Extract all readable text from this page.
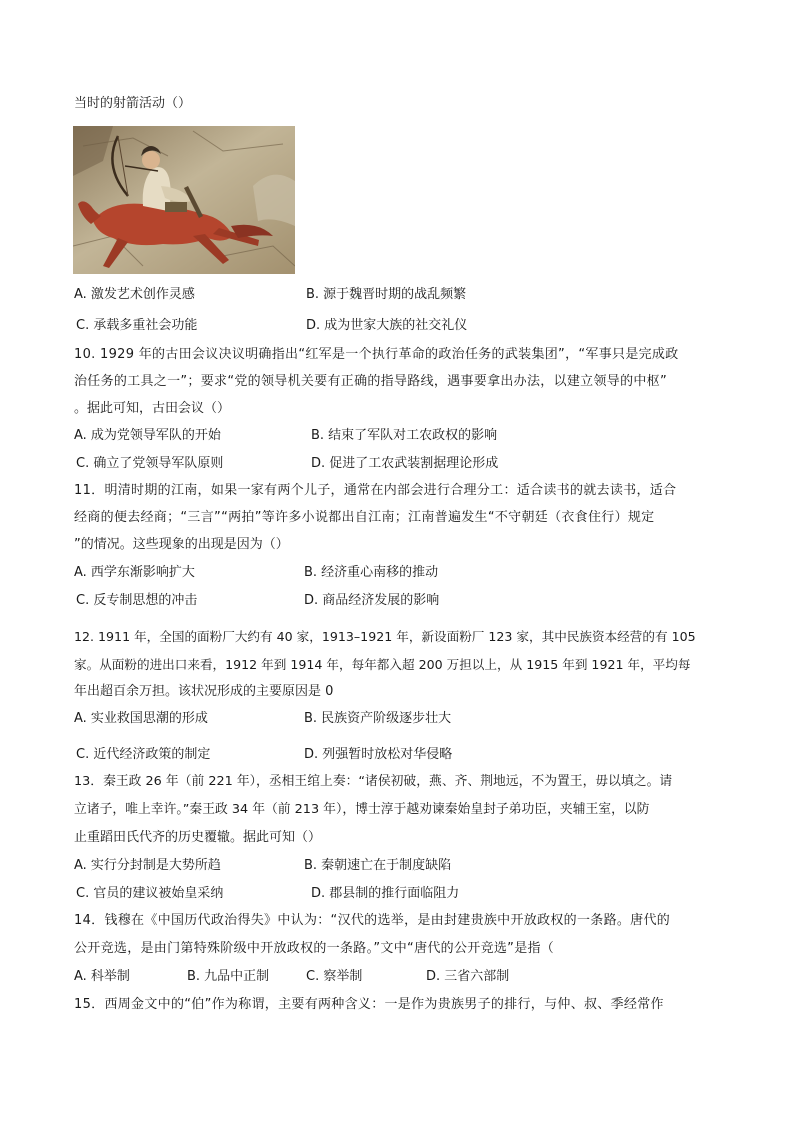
当时的射箭活动（）
A. 激发艺术创作灵感	B. 源于魏晋时期的战乱频繁
C. 承载多重社会功能	D. 成为世家大族的社交礼仪
10. 1929 年的古田会议决议明确指出“红军是一个执行革命的政治任务的武装集团”，“军事只是完成政
治任务的工具之一”；要求“党的领导机关要有正确的指导路线，遇事要拿出办法，以建立领导的中枢”
。据此可知，古田会议（）
A. 成为党领导军队的开始	B. 结束了军队对工农政权的影响
C. 确立了党领导军队原则	D. 促进了工农武装割据理论形成
11．明清时期的江南，如果一家有两个儿子，通常在内部会进行合理分工：适合读书的就去读书，适合
经商的便去经商；“三言”“两拍”等许多小说都出自江南；江南普遍发生“不守朝廷（衣食住行）规定
”的情况。这些现象的出现是因为（）
A. 西学东渐影响扩大	B. 经济重心南移的推动
C. 反专制思想的冲击	D. 商品经济发展的影响
12. 1911 年，全国的面粉厂大约有 40 家，1913–1921 年，新设面粉厂 123 家，其中民族资本经营的有 105
家。从面粉的进出口来看，1912 年到 1914 年，每年都入超 200 万担以上，从 1915 年到 1921 年，平均每
年出超百余万担。该状况形成的主要原因是 0
A. 实业救国思潮的形成	B. 民族资产阶级逐步壮大
C. 近代经济政策的制定	D. 列强暂时放松对华侵略
13．秦王政 26 年（前 221 年），丞相王绾上奏：“诸侯初破，燕、齐、荆地远，不为置王，毋以填之。请
立诸子，唯上幸许。”秦王政 34 年（前 213 年），博士淳于越劝谏秦始皇封子弟功臣，夹辅王室，以防
止重蹈田氏代齐的历史覆辙。据此可知（）
A. 实行分封制是大势所趋	B. 秦朝速亡在于制度缺陷
C. 官员的建议被始皇采纳	D. 郡县制的推行面临阻力
14．钱穆在《中国历代政治得失》中认为：“汉代的选举，是由封建贵族中开放政权的一条路。唐代的
公开竞选，是由门第特殊阶级中开放政权的一条路。”文中“唐代的公开竞选”是指（
A. 科举制	B. 九品中正制	C. 察举制	D. 三省六部制
15．西周金文中的“伯”作为称谓，主要有两种含义：一是作为贵族男子的排行，与仲、叔、季经常作
